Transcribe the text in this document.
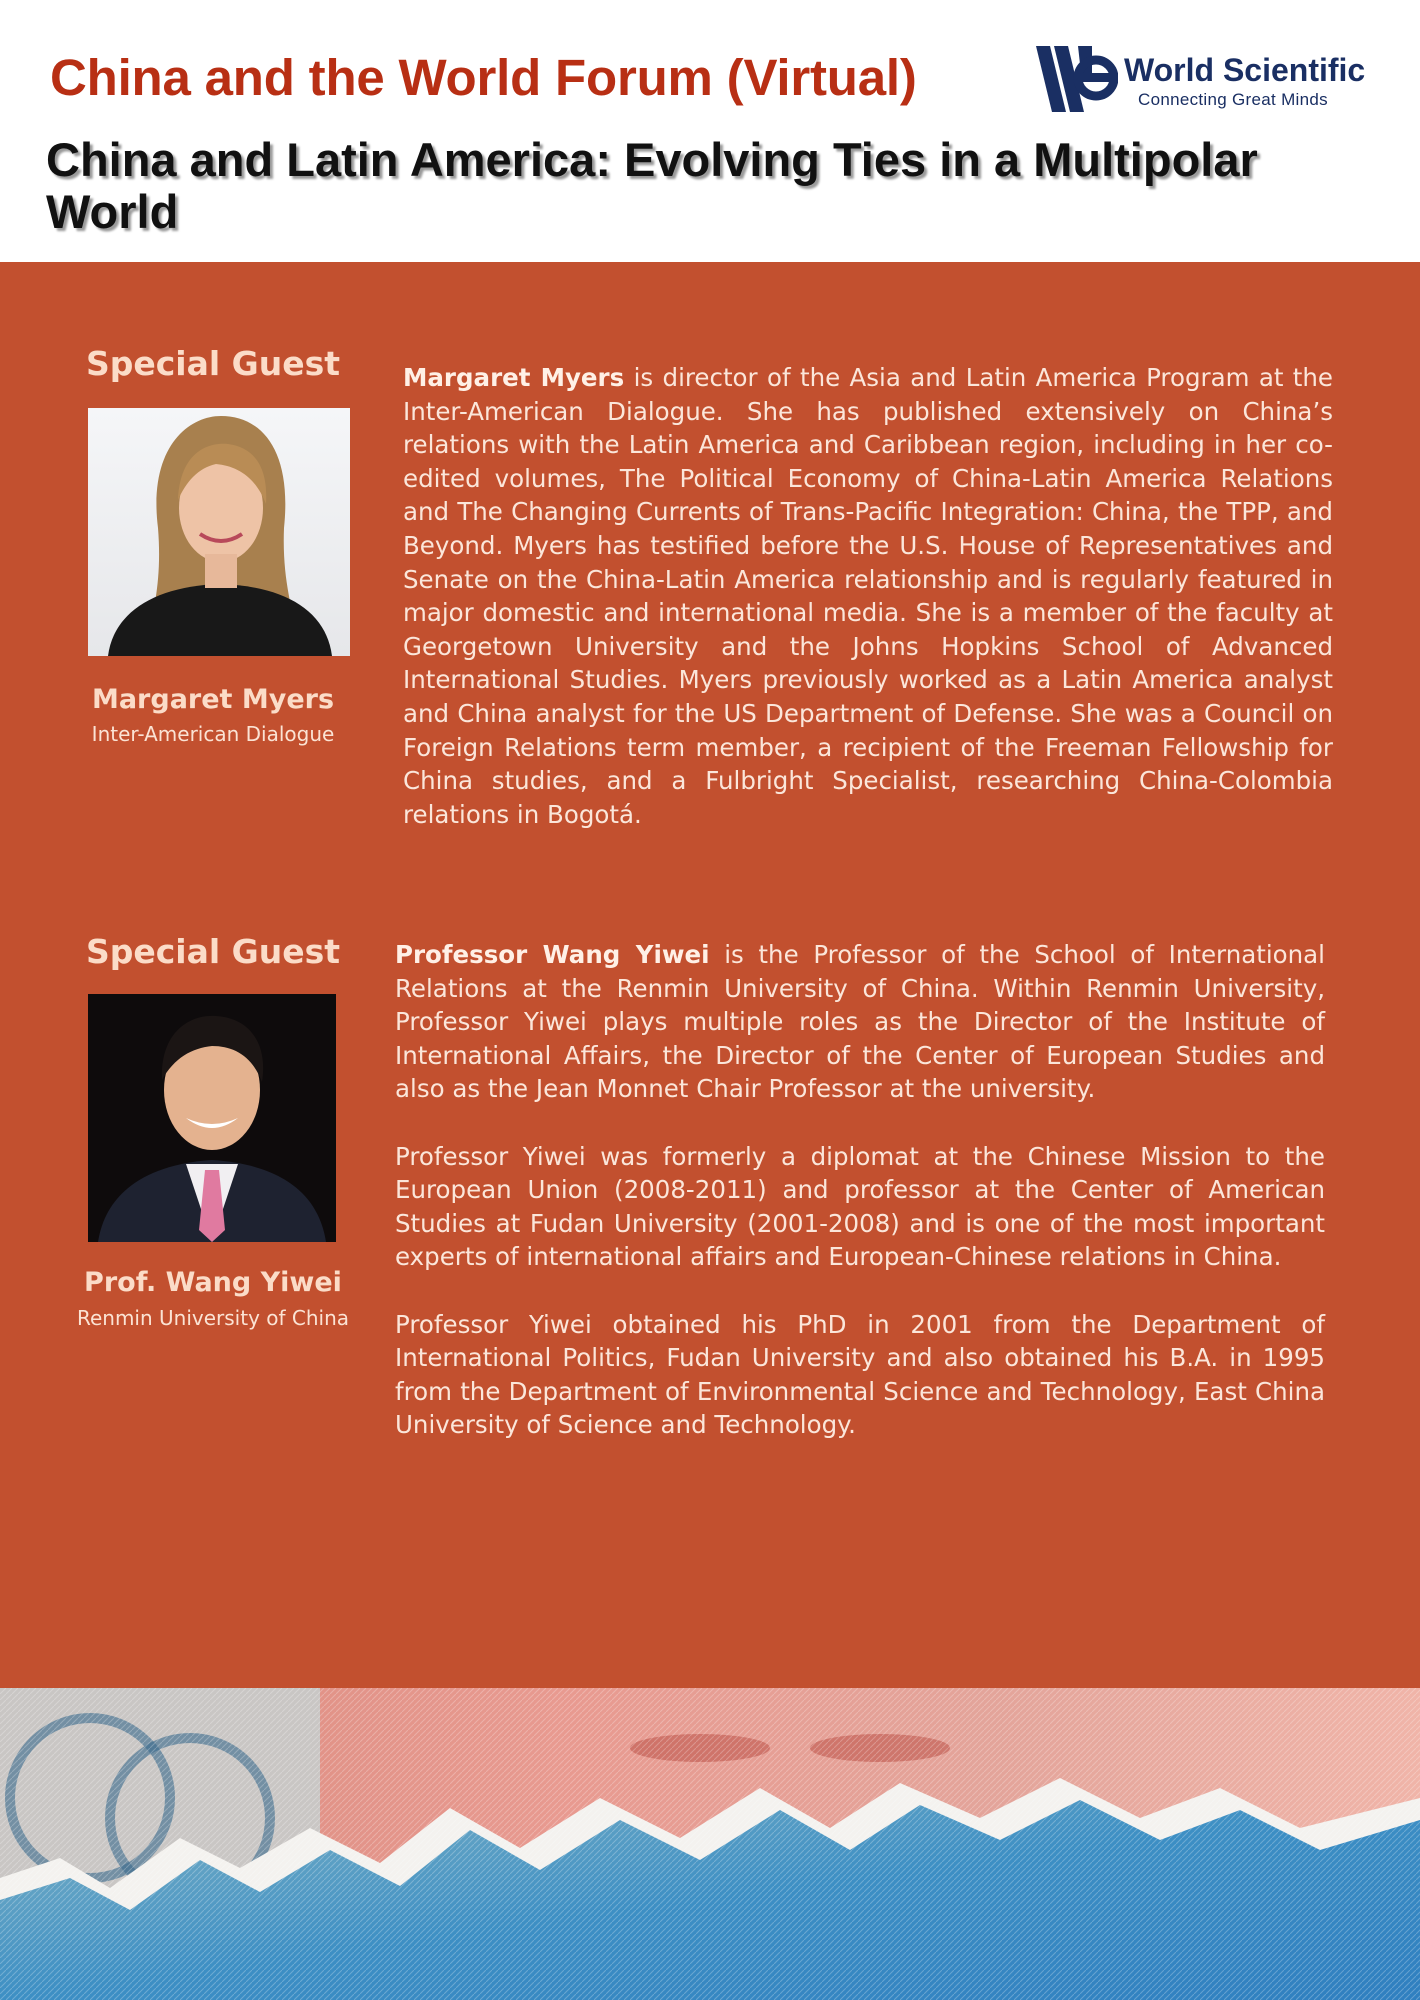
China and the World Forum (Virtual)	World Scientific
Connecting Great Minds
China and Latin America: Evolving Ties in a Multipolar World
Special Guest
Margaret Myers
Inter-American Dialogue

Margaret Myers is director of the Asia and Latin America Program at the Inter-American Dialogue. She has published extensively on China’s relations with the Latin America and Caribbean region, including in her co-edited volumes, The Political Economy of China-Latin America Relations and The Changing Currents of Trans-Pacific Integration: China, the TPP, and Beyond. Myers has testified before the U.S. House of Representatives and Senate on the China-Latin America relationship and is regularly featured in major domestic and international media. She is a member of the faculty at Georgetown University and the Johns Hopkins School of Advanced International Studies. Myers previously worked as a Latin America analyst and China analyst for the US Department of Defense. She was a Council on Foreign Relations term member, a recipient of the Freeman Fellowship for China studies, and a Fulbright Specialist, researching China-Colombia relations in Bogotá.

Special Guest
Prof. Wang Yiwei
Renmin University of China

Professor Wang Yiwei is the Professor of the School of International Relations at the Renmin University of China. Within Renmin University, Professor Yiwei plays multiple roles as the Director of the Institute of International Affairs, the Director of the Center of European Studies and also as the Jean Monnet Chair Professor at the university.

Professor Yiwei was formerly a diplomat at the Chinese Mission to the European Union (2008-2011) and professor at the Center of American Studies at Fudan University (2001-2008) and is one of the most important experts of international affairs and European-Chinese relations in China.

Professor Yiwei obtained his PhD in 2001 from the Department of International Politics, Fudan University and also obtained his B.A. in 1995 from the Department of Environmental Science and Technology, East China University of Science and Technology.
